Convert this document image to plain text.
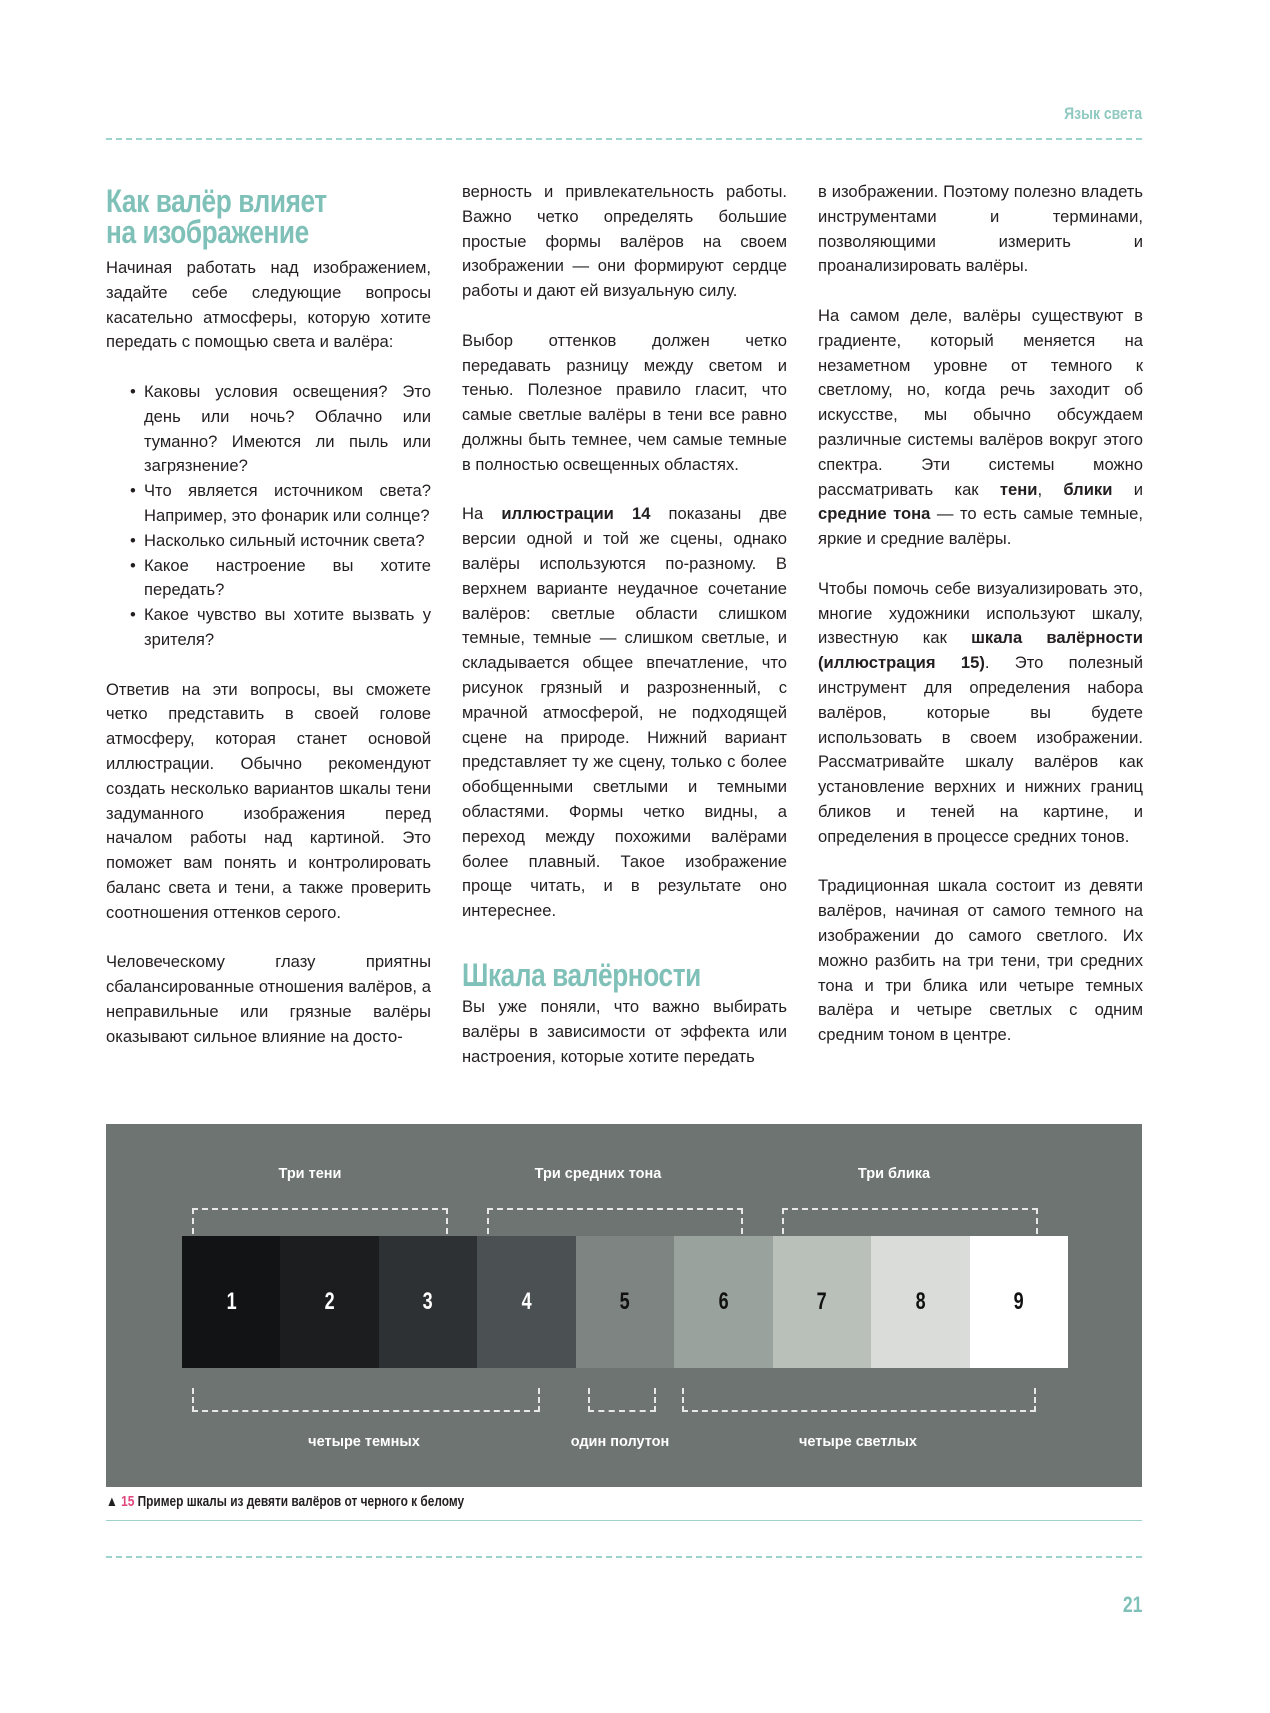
Язык света
Как валёр влияет
на изображение

Начиная работать над изображением, задайте себе следующие вопросы касательно атмосферы, которую хотите передать с помощью света и валёра:

• Каковы условия освещения? Это день или ночь? Облачно или туманно? Имеются ли пыль или загрязнение?
• Что является источником света? Например, это фонарик или солнце?
• Насколько сильный источник света?
• Какое настроение вы хотите передать?
• Какое чувство вы хотите вызвать у зрителя?

Ответив на эти вопросы, вы сможете четко представить в своей голове атмосферу, которая станет основой иллюстрации. Обычно рекомендуют создать несколько вариантов шкалы тени задуманного изображения перед началом работы над картиной. Это поможет вам понять и контролировать баланс света и тени, а также проверить соотношения оттенков серого.

Человеческому глазу приятны сбалансированные отношения валёров, а неправильные или грязные валёры оказывают сильное влияние на досто-

верность и привлекательность работы. Важно четко определять большие простые формы валёров на своем изображении — они формируют сердце работы и дают ей визуальную силу.

Выбор оттенков должен четко передавать разницу между светом и тенью. Полезное правило гласит, что самые светлые валёры в тени все равно должны быть темнее, чем самые темные в полностью освещенных областях.

На иллюстрации 14 показаны две версии одной и той же сцены, однако валёры используются по-разному. В верхнем варианте неудачное сочетание валёров: светлые области слишком темные, темные — слишком светлые, и складывается общее впечатление, что рисунок грязный и разрозненный, с мрачной атмосферой, не подходящей сцене на природе. Нижний вариант представляет ту же сцену, только с более обобщенными светлыми и темными областями. Формы четко видны, а переход между похожими валёрами более плавный. Такое изображение проще читать, и в результате оно интереснее.

Шкала валёрности

Вы уже поняли, что важно выбирать валёры в зависимости от эффекта или настроения, которые хотите передать

в изображении. Поэтому полезно владеть инструментами и терминами, позволяющими измерить и проанализировать валёры.

На самом деле, валёры существуют в градиенте, который меняется на незаметном уровне от темного к светлому, но, когда речь заходит об искусстве, мы обычно обсуждаем различные системы валёров вокруг этого спектра. Эти системы можно рассматривать как тени, блики и средние тона — то есть самые темные, яркие и средние валёры.

Чтобы помочь себе визуализировать это, многие художники используют шкалу, известную как шкала валёрности (иллюстрация 15). Это полезный инструмент для определения набора валёров, которые вы будете использовать в своем изображении. Рассматривайте шкалу валёров как установление верхних и нижних границ бликов и теней на картине, и определения в процессе средних тонов.

Традиционная шкала состоит из девяти валёров, начиная от самого темного на изображении до самого светлого. Их можно разбить на три тени, три средних тона и три блика или четыре темных валёра и четыре светлых с одним средним тоном в центре.

Три тени	Три средних тона	Три блика
1	2	3	4	5	6	7	8	9
четыре темных	один полутон	четыре светлых
▲ 15 Пример шкалы из девяти валёров от черного к белому
21
